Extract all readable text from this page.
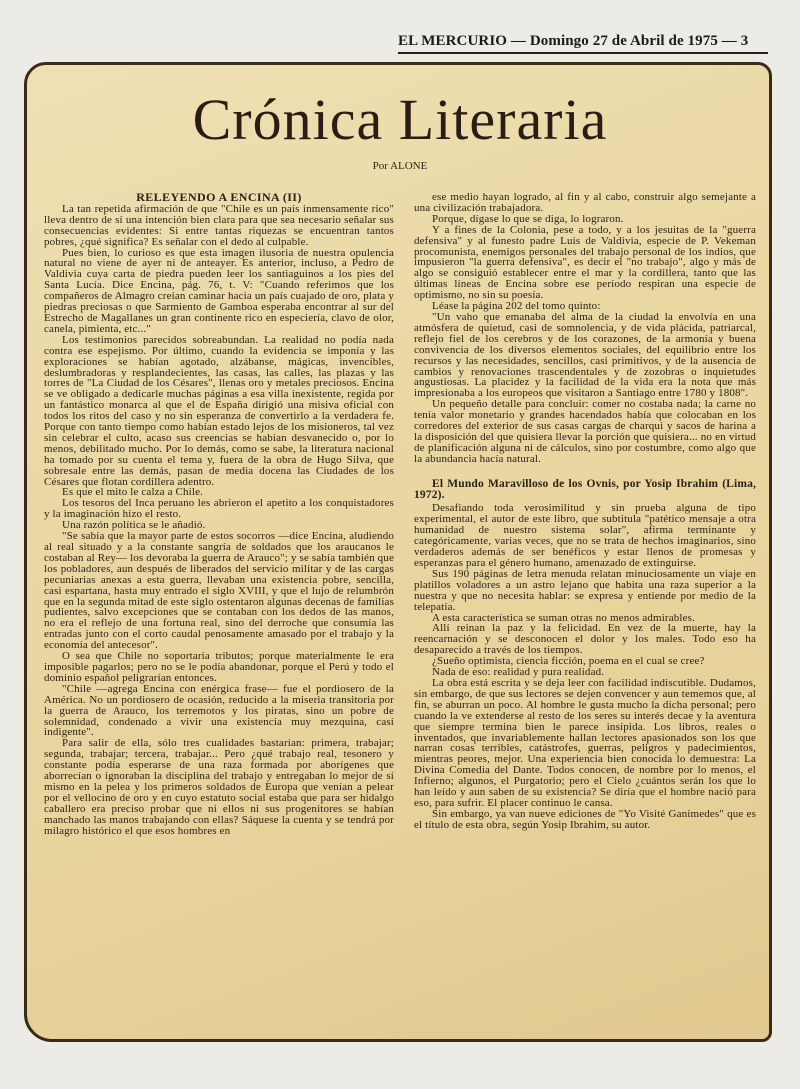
EL MERCURIO — Domingo 27 de Abril de 1975 — 3
Crónica Literaria
Por ALONE
RELEYENDO A ENCINA (II)

La tan repetida afirmación de que "Chile es un país inmensamente rico" lleva dentro de sí una intención bien clara para que sea necesario señalar sus consecuencias evidentes: Si entre tantas riquezas se encuentran tantos pobres, ¿qué significa? Es señalar con el dedo al culpable.

Pues bien, lo curioso es que esta imagen ilusoria de nuestra opulencia natural no viene de ayer ni de anteayer. Es anterior, incluso, a Pedro de Valdivia cuya carta de piedra pueden leer los santiaguinos a los pies del Santa Lucía. Dice Encina, pág. 76, t. V: "Cuando referimos que los compañeros de Almagro creían caminar hacia un país cuajado de oro, plata y piedras preciosas o que Sarmiento de Gamboa esperaba encontrar al sur del Estrecho de Magallanes un gran continente rico en especiería, clavo de olor, canela, pimienta, etc..."

Los testimonios parecidos sobreabundan. La realidad no podía nada contra ese espejismo. Por último, cuando la evidencia se imponía y las exploraciones se habían agotado, alzábanse, mágicas, invencibles, deslumbradoras y resplandecientes, las casas, las calles, las plazas y las torres de "La Ciudad de los Césares", llenas oro y metales preciosos. Encina se ve obligado a dedicarle muchas páginas a esa villa inexistente, regida por un fantástico monarca al que el de España dirigió una misiva oficial con todos los ritos del caso y no sin esperanza de convertirlo a la verdadera fe. Porque con tanto tiempo como habían estado lejos de los misioneros, tal vez sin celebrar el culto, acaso sus creencias se habían desvanecido o, por lo menos, debilitado mucho. Por lo demás, como se sabe, la literatura nacional ha tomado por su cuenta el tema y, fuera de la obra de Hugo Silva, que sobresale entre las demás, pasan de media docena las Ciudades de los Césares que flotan cordillera adentro.

Es que el mito le calza a Chile.

Los tesoros del Inca peruano les abrieron el apetito a los conquistadores y la imaginación hizo el resto.

Una razón política se le añadió.

"Se sabía que la mayor parte de estos socorros —dice Encina, aludiendo al real situado y a la constante sangría de soldados que los araucanos le costaban al Rey— los devoraba la guerra de Arauco"; y se sabía también que los pobladores, aun después de liberados del servicio militar y de las cargas pecuniarias anexas a esta guerra, llevaban una existencia pobre, sencilla, casi espartana, hasta muy entrado el siglo XVIII, y que el lujo de relumbrón que en la segunda mitad de este siglo ostentaron algunas decenas de familias pudientes, salvo excepciones que se contaban con los dedos de las manos, no era el reflejo de una fortuna real, sino del derroche que consumía las entradas junto con el corto caudal penosamente amasado por el trabajo y la economía del antecesor".

O sea que Chile no soportaría tributos; porque materialmente le era imposible pagarlos; pero no se le podía abandonar, porque el Perú y todo el dominio español peligrarían entonces.

"Chile —agrega Encina con enérgica frase— fue el pordiosero de la América. No un pordiosero de ocasión, reducido a la miseria transitoria por la guerra de Arauco, los terremotos y los piratas, sino un pobre de solemnidad, condenado a vivir una existencia muy mezquina, casi indigente".

Para salir de ella, sólo tres cualidades bastarían: primera, trabajar; segunda, trabajar; tercera, trabajar... Pero ¿qué trabajo real, tesonero y constante podía esperarse de una raza formada por aborígenes que aborrecían o ignoraban la disciplina del trabajo y entregaban lo mejor de sí mismo en la pelea y los primeros soldados de Europa que venían a pelear por el vellocino de oro y en cuyo estatuto social estaba que para ser hidalgo caballero era preciso probar que ni ellos ni sus progenitores se habían manchado las manos trabajando con ellas? Sáquese la cuenta y se tendrá por milagro histórico el que esos hombres en

ese medio hayan logrado, al fin y al cabo, construir algo semejante a una civilización trabajadora.

Porque, dígase lo que se diga, lo lograron.

Y a fines de la Colonia, pese a todo, y a los jesuitas de la "guerra defensiva" y al funesto padre Luis de Valdivia, especie de P. Vekeman procomunista, enemigos personales del trabajo personal de los indios, que impusieron "la guerra defensiva", es decir el "no trabajo", algo y más de algo se consiguió establecer entre el mar y la cordillera, tanto que las últimas líneas de Encina sobre ese período respiran una especie de optimismo, no sin su poesía.

Léase la página 202 del tomo quinto:

"Un vaho que emanaba del alma de la ciudad la envolvía en una atmósfera de quietud, casi de somnolencia, y de vida plácida, patriarcal, reflejo fiel de los cerebros y de los corazones, de la armonía y buena convivencia de los diversos elementos sociales, del equilibrio entre los recursos y las necesidades, sencillos, casi primitivos, y de la ausencia de cambios y renovaciones trascendentales y de zozobras o inquietudes angustiosas. La placidez y la facilidad de la vida era la nota que más impresionaba a los europeos que visitaron a Santiago entre 1780 y 1808".

Un pequeño detalle para concluir: comer no costaba nada; la carne no tenía valor monetario y grandes hacendados había que colocaban en los corredores del exterior de sus casas cargas de charqui y sacos de harina a la disposición del que quisiera llevar la porción que quisiera... no en virtud de planificación alguna ni de cálculos, sino por costumbre, como algo que la abundancia hacía natural.

El Mundo Maravilloso de los Ovnis, por Yosip Ibrahim (Lima, 1972).

Desafiando toda verosimilitud y sin prueba alguna de tipo experimental, el autor de este libro, que subtitula "patético mensaje a otra humanidad de nuestro sistema solar", afirma terminante y categóricamente, varias veces, que no se trata de hechos imaginarios, sino verdaderos además de ser benéficos y estar llenos de promesas y esperanzas para el género humano, amenazado de extinguirse.

Sus 190 páginas de letra menuda relatan minuciosamente un viaje en platillos voladores a un astro lejano que habita una raza superior a la nuestra y que no necesita hablar: se expresa y entiende por medio de la telepatía.

A esta característica se suman otras no menos admirables.

Allí reinan la paz y la felicidad. En vez de la muerte, hay la reencarnación y se desconocen el dolor y los males. Todo eso ha desaparecido a través de los tiempos.

¿Sueño optimista, ciencia ficción, poema en el cual se cree?

Nada de eso: realidad y pura realidad.

La obra está escrita y se deja leer con facilidad indiscutible. Dudamos, sin embargo, de que sus lectores se dejen convencer y aun tememos que, al fin, se aburran un poco. Al hombre le gusta mucho la dicha personal; pero cuando la ve extenderse al resto de los seres su interés decae y la aventura que siempre termina bien le parece insípida. Los libros, reales o inventados, que invariablemente hallan lectores apasionados son los que narran cosas terribles, catástrofes, guerras, peligros y padecimientos, mientras peores, mejor. Una experiencia bien conocida lo demuestra: La Divina Comedia del Dante. Todos conocen, de nombre por lo menos, el Infierno; algunos, el Purgatorio; pero el Cielo ¿cuántos serán los que lo han leído y aun saben de su existencia? Se diría que el hombre nació para eso, para sufrir. El placer continuo le cansa.

Sin embargo, ya van nueve ediciones de "Yo Visité Ganímedes" que es el título de esta obra, según Yosip Ibrahim, su autor.
